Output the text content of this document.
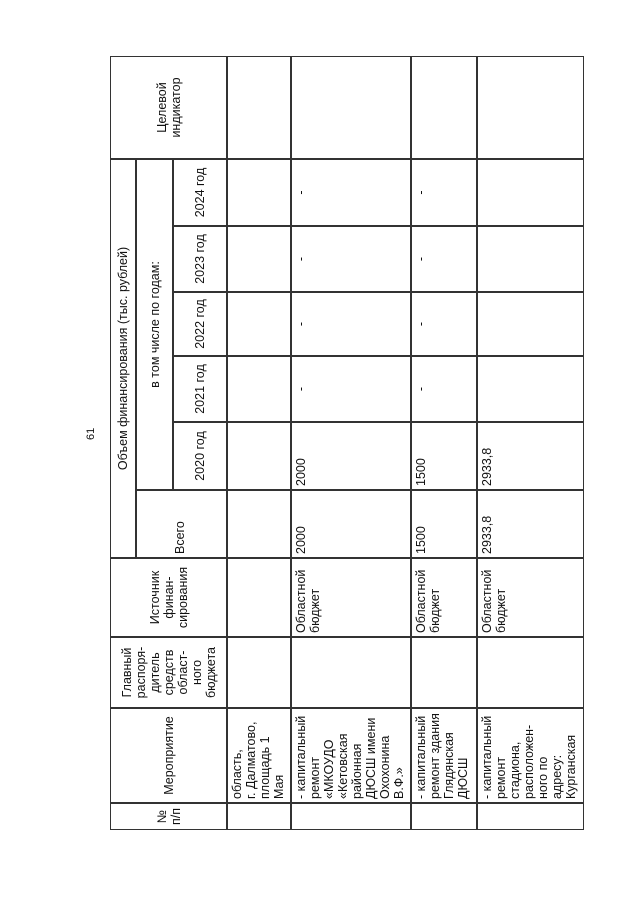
61
№
п/п
Мероприятие
Главный
распоря-
дитель
средств
област-
ного
бюджета
Источник
финан-
сирования
Объем финансирования (тыс. рублей)
Всего
в том числе по годам:
2020 год
2021 год
2022 год
2023 год
2024 год
Целевой
индикатор
область,
г. Далматово,
площадь 1
Мая - капитальный
ремонт
«МКОУДО
«Кетовская
районная
ДЮСШ имени
Охохонина
В.Ф.»
Областной
бюджет
2000
2000
-
-
-
-
- капитальный
ремонт здания
Глядянская
ДЮСШ
Областной
бюджет
1500
1500
-
-
-
-
- капитальный
ремонт
стадиона,
расположен-
ного по
адресу:
Курганская
Областной
бюджет
2933,8
2933,8
